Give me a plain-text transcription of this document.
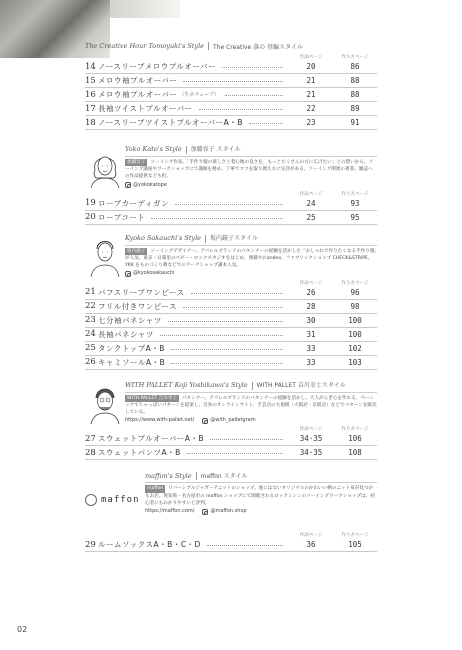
The Creative Hour Tomoyuki's Style The Creative 落の 基編スタイル
作品ページ	作り方ページ
14 ノースリーブメロウプルオーバー	20	86
15 メロウ袖プルオーバー	21	88
16 メロウ袖プルオーバー （生ネウェーブ）	21	88
17 長袖ツイストプルオーバー	22	89
18 ノースリーブツイストプルオーバーA・B	23	91
Yoko Kato's Style 加藤容子 スタイル
加藤容子 ソーイング作家。「手作り服の楽しさと着心地の良さを、もっとたくさんの方に広げたい」との想いから、ソーイング講座やワークショップにて講師を務め、丁寧でコツを取り教え方に定評がある。ソーイング関連の著書、雑誌への作品提供なども担。
@yokokatope
作品ページ	作り方ページ
19 ローブカーディガン	24	93
20 ローブコート	25	95
Kyoko Sakauchi's Style 坂内鏡子スタイル
坂内鏡子 ソーイングデザイナー。アパレルブランドのパタンナーの経験を活かした「おしゃれで作りたくなる手作り服」が人気。東京・日暮里のベビー・ロックスタジオをはじめ、連載やおandeo、ファブリックショップ CHECK&STRIPE、YKK をものづくり教などでのワークショップ講本人気。
@kyokosakauchi
作品ページ	作り方ページ
21 パフスリーブワンピース	26	96
22 フリル付きワンピース	28	98
23 七分袖パネシャツ	30	100
24 長袖パネシャツ	31	100
25 タンクトップA・B	33	102
26 キャミソールA・B	33	103
WITH PALLET Koji Yoshikawa's Style WITH PALLET 吉川幸士スタイル
WITH PALLET 吉川幸士 パタンナー。アパレルブランドのパタンナーの経験を活かし、大人がらぎ心を作れる、ベーシックでちゃっぽいパターンを提案し、自身のオンラインサイト、手芸店の大規模（大阪府・京阪店）などでパターンを販売している。
https://www.with-pallet.net/	@with_palletgram
作品ページ	作り方ページ
27 スウェットプルオーバーA・B	34·35	106
28 スウェットパンツA・B	34·35	108
maffon
maffon's Style maffon スタイル
maffon リバーシブルジャガーテニットのショップ。他にはないオリジナルのかわいい柄のニット布が見つかるお店。愛知県・名古屋市の maffon ショップにて開催されるロックミシンのソーイングワークショップは、初心者にもわかりやすいと評判。
https://maffon.com/	@maffon.shop
作品ページ	作り方ページ
29 ルームソックスA・B・C・D	36	105
02
